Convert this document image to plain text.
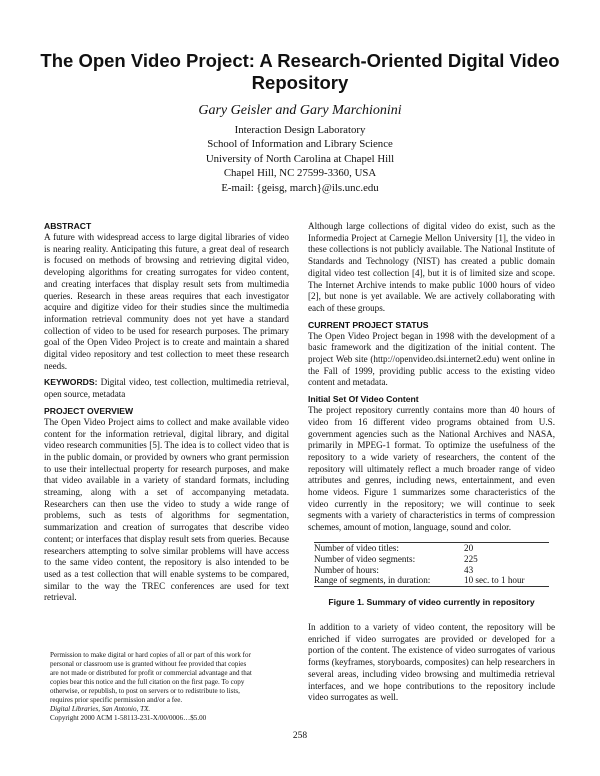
The Open Video Project: A Research-Oriented Digital Video Repository
Gary Geisler and Gary Marchionini
Interaction Design Laboratory
School of Information and Library Science
University of North Carolina at Chapel Hill
Chapel Hill, NC 27599-3360, USA
E-mail: {geisg, march}@ils.unc.edu
ABSTRACT

A future with widespread access to large digital libraries of video is nearing reality. Anticipating this future, a great deal of research is focused on methods of browsing and retrieving digital video, developing algorithms for creating surrogates for video content, and creating interfaces that display result sets from multimedia queries. Research in these areas requires that each investigator acquire and digitize video for their studies since the multimedia information retrieval community does not yet have a standard collection of video to be used for research purposes. The primary goal of the Open Video Project is to create and maintain a shared digital video repository and test collection to meet these research needs.

KEYWORDS: Digital video, test collection, multimedia retrieval, open source, metadata

PROJECT OVERVIEW

The Open Video Project aims to collect and make available video content for the information retrieval, digital library, and digital video research communities [5]. The idea is to collect video that is in the public domain, or provided by owners who grant permission to use their intellectual property for research purposes, and make that video available in a variety of standard formats, including streaming, along with a set of accompanying metadata. Researchers can then use the video to study a wide range of problems, such as tests of algorithms for segmentation, summarization and creation of surrogates that describe video content; or interfaces that display result sets from queries. Because researchers attempting to solve similar problems will have access to the same video content, the repository is also intended to be used as a test collection that will enable systems to be compared, similar to the way the TREC conferences are used for text retrieval.

Permission to make digital or hard copies of all or part of this work for
personal or classroom use is granted without fee provided that copies
are not made or distributed for profit or commercial advantage and that
copies bear this notice and the full citation on the first page. To copy
otherwise, or republish, to post on servers or to redistribute to lists,
requires prior specific permission and/or a fee.
Digital Libraries, San Antonio, TX.
Copyright 2000 ACM 1-58113-231-X/00/0006…$5.00

Although large collections of digital video do exist, such as the Informedia Project at Carnegie Mellon University [1], the video in these collections is not publicly available. The National Institute of Standards and Technology (NIST) has created a public domain digital video test collection [4], but it is of limited size and scope. The Internet Archive intends to make public 1000 hours of video [2], but none is yet available. We are actively collaborating with each of these groups.

CURRENT PROJECT STATUS

The Open Video Project began in 1998 with the development of a basic framework and the digitization of the initial content. The project Web site (http://openvideo.dsi.internet2.edu) went online in the Fall of 1999, providing public access to the existing video content and metadata.

Initial Set Of Video Content

The project repository currently contains more than 40 hours of video from 16 different video programs obtained from U.S. government agencies such as the National Archives and NASA, primarily in MPEG-1 format. To optimize the usefulness of the repository to a wide variety of researchers, the content of the repository will ultimately reflect a much broader range of video attributes and genres, including news, entertainment, and even home videos. Figure 1 summarizes some characteristics of the video currently in the repository; we will continue to seek segments with a variety of characteristics in terms of compression schemes, amount of motion, language, sound and color.

Number of video titles:	20
Number of video segments:	225
Number of hours:	43
Range of segments, in duration:	10 sec. to 1 hour
Figure 1. Summary of video currently in repository

In addition to a variety of video content, the repository will be enriched if video surrogates are provided or developed for a portion of the content. The existence of video surrogates of various forms (keyframes, storyboards, composites) can help researchers in several areas, including video browsing and multimedia retrieval interfaces, and we hope contributions to the repository include video surrogates as well.

258
